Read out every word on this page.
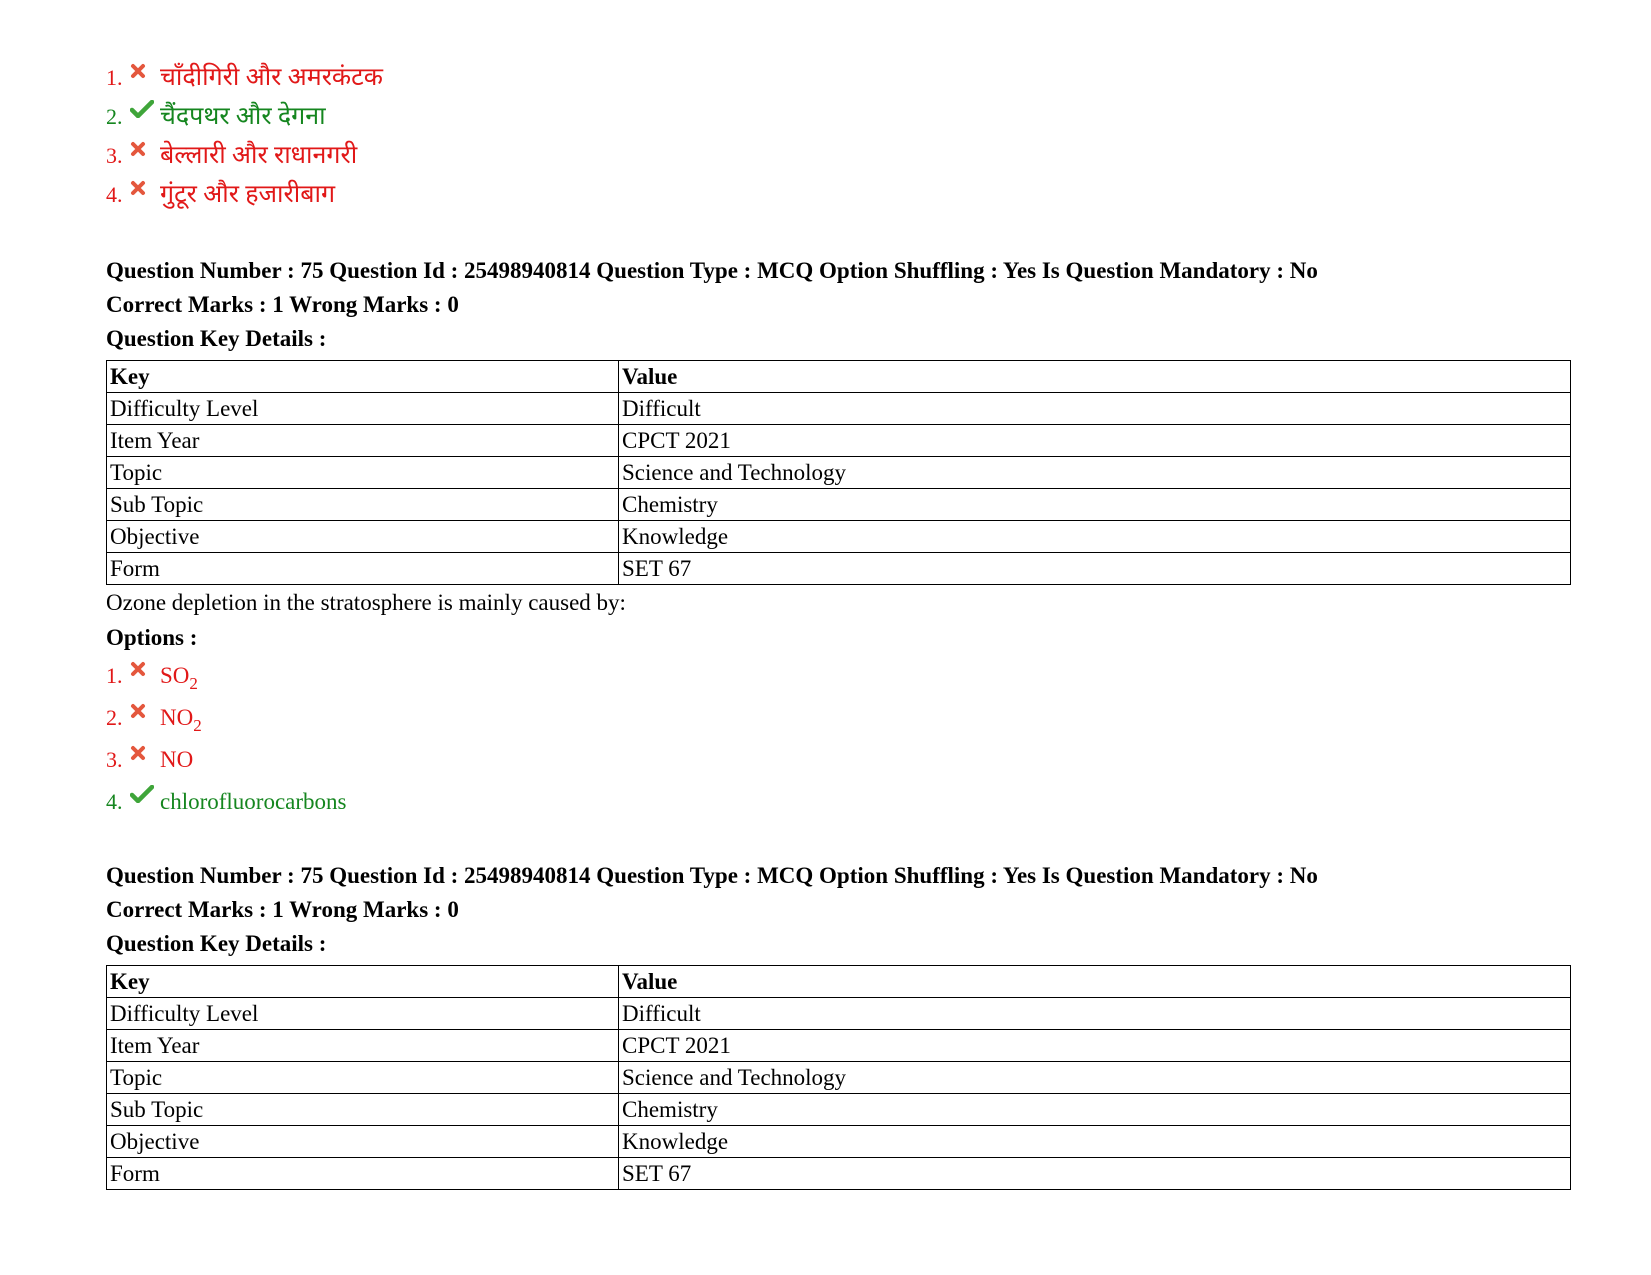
1.	चाँदीगिरी और अमरकंटक
2.	चैंदपथर और देगना
3.	बेल्लारी और राधानगरी
4.	गुंटूर और हजारीबाग
Question Number : 75 Question Id : 25498940814 Question Type : MCQ Option Shuffling : Yes Is Question Mandatory : No
Correct Marks : 1 Wrong Marks : 0
Question Key Details :
Key	Value
Difficulty Level	Difficult
Item Year	CPCT 2021
Topic	Science and Technology
Sub Topic	Chemistry
Objective	Knowledge
Form	SET 67
Ozone depletion in the stratosphere is mainly caused by:
Options :
1.	$SO_2$
2.	$NO_2$
3.	NO
4.	chlorofluorocarbons
Question Number : 75 Question Id : 25498940814 Question Type : MCQ Option Shuffling : Yes Is Question Mandatory : No
Correct Marks : 1 Wrong Marks : 0
Question Key Details :
Key	Value
Difficulty Level	Difficult
Item Year	CPCT 2021
Topic	Science and Technology
Sub Topic	Chemistry
Objective	Knowledge
Form	SET 67
